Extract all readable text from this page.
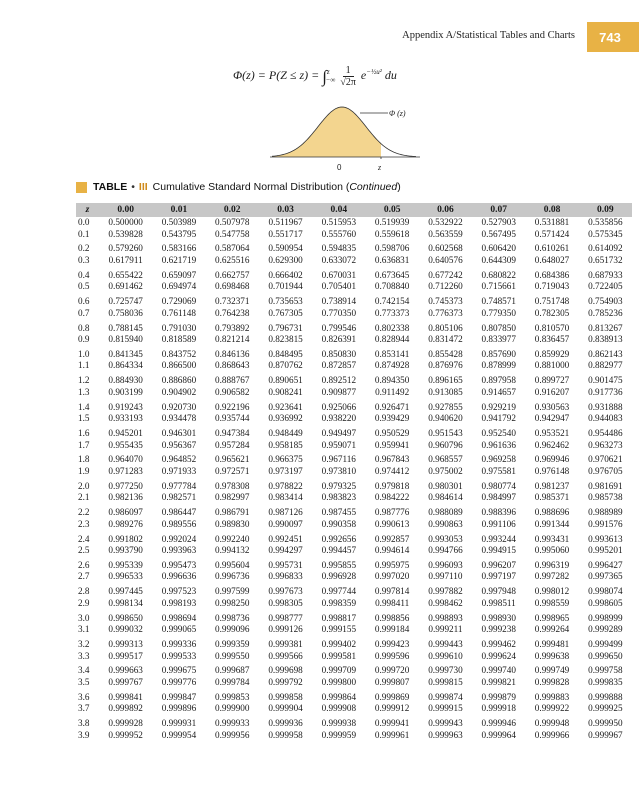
Appendix A/Statistical Tables and Charts	743
$\Phi(z) = P(Z \le z) = \int^z_{-\infty} \frac{1}{√2\pi} e^{-\frac{1}{2}u^2}$ du
Φ (z)
0	z
TABLE • III Cumulative Standard Normal Distribution ( Continued )
z	0.00	0.01	0.02	0.03	0.04	0.05	0.06	0.07	0.08	0.09
0.0	0.500000	0.503989	0.507978	0.511967	0.515953	0.519939	0.532922	0.527903	0.531881	0.535856
0.1	0.539828	0.543795	0.547758	0.551717	0.555760	0.559618	0.563559	0.567495	0.571424	0.575345
0.2	0.579260	0.583166	0.587064	0.590954	0.594835	0.598706	0.602568	0.606420	0.610261	0.614092
0.3	0.617911	0.621719	0.625516	0.629300	0.633072	0.636831	0.640576	0.644309	0.648027	0.651732
0.4	0.655422	0.659097	0.662757	0.666402	0.670031	0.673645	0.677242	0.680822	0.684386	0.687933
0.5	0.691462	0.694974	0.698468	0.701944	0.705401	0.708840	0.712260	0.715661	0.719043	0.722405
0.6	0.725747	0.729069	0.732371	0.735653	0.738914	0.742154	0.745373	0.748571	0.751748	0.754903
0.7	0.758036	0.761148	0.764238	0.767305	0.770350	0.773373	0.776373	0.779350	0.782305	0.785236
0.8	0.788145	0.791030	0.793892	0.796731	0.799546	0.802338	0.805106	0.807850	0.810570	0.813267
0.9	0.815940	0.818589	0.821214	0.823815	0.826391	0.828944	0.831472	0.833977	0.836457	0.838913
1.0	0.841345	0.843752	0.846136	0.848495	0.850830	0.853141	0.855428	0.857690	0.859929	0.862143
1.1	0.864334	0.866500	0.868643	0.870762	0.872857	0.874928	0.876976	0.878999	0.881000	0.882977
1.2	0.884930	0.886860	0.888767	0.890651	0.892512	0.894350	0.896165	0.897958	0.899727	0.901475
1.3	0.903199	0.904902	0.906582	0.908241	0.909877	0.911492	0.913085	0.914657	0.916207	0.917736
1.4	0.919243	0.920730	0.922196	0.923641	0.925066	0.926471	0.927855	0.929219	0.930563	0.931888
1.5	0.933193	0.934478	0.935744	0.936992	0.938220	0.939429	0.940620	0.941792	0.942947	0.944083
1.6	0.945201	0.946301	0.947384	0.948449	0.949497	0.950529	0.951543	0.952540	0.953521	0.954486
1.7	0.955435	0.956367	0.957284	0.958185	0.959071	0.959941	0.960796	0.961636	0.962462	0.963273
1.8	0.964070	0.964852	0.965621	0.966375	0.967116	0.967843	0.968557	0.969258	0.969946	0.970621
1.9	0.971283	0.971933	0.972571	0.973197	0.973810	0.974412	0.975002	0.975581	0.976148	0.976705
2.0	0.977250	0.977784	0.978308	0.978822	0.979325	0.979818	0.980301	0.980774	0.981237	0.981691
2.1	0.982136	0.982571	0.982997	0.983414	0.983823	0.984222	0.984614	0.984997	0.985371	0.985738
2.2	0.986097	0.986447	0.986791	0.987126	0.987455	0.987776	0.988089	0.988396	0.988696	0.988989
2.3	0.989276	0.989556	0.989830	0.990097	0.990358	0.990613	0.990863	0.991106	0.991344	0.991576
2.4	0.991802	0.992024	0.992240	0.992451	0.992656	0.992857	0.993053	0.993244	0.993431	0.993613
2.5	0.993790	0.993963	0.994132	0.994297	0.994457	0.994614	0.994766	0.994915	0.995060	0.995201
2.6	0.995339	0.995473	0.995604	0.995731	0.995855	0.995975	0.996093	0.996207	0.996319	0.996427
2.7	0.996533	0.996636	0.996736	0.996833	0.996928	0.997020	0.997110	0.997197	0.997282	0.997365
2.8	0.997445	0.997523	0.997599	0.997673	0.997744	0.997814	0.997882	0.997948	0.998012	0.998074
2.9	0.998134	0.998193	0.998250	0.998305	0.998359	0.998411	0.998462	0.998511	0.998559	0.998605
3.0	0.998650	0.998694	0.998736	0.998777	0.998817	0.998856	0.998893	0.998930	0.998965	0.998999
3.1	0.999032	0.999065	0.999096	0.999126	0.999155	0.999184	0.999211	0.999238	0.999264	0.999289
3.2	0.999313	0.999336	0.999359	0.999381	0.999402	0.999423	0.999443	0.999462	0.999481	0.999499
3.3	0.999517	0.999533	0.999550	0.999566	0.999581	0.999596	0.999610	0.999624	0.999638	0.999650
3.4	0.999663	0.999675	0.999687	0.999698	0.999709	0.999720	0.999730	0.999740	0.999749	0.999758
3.5	0.999767	0.999776	0.999784	0.999792	0.999800	0.999807	0.999815	0.999821	0.999828	0.999835
3.6	0.999841	0.999847	0.999853	0.999858	0.999864	0.999869	0.999874	0.999879	0.999883	0.999888
3.7	0.999892	0.999896	0.999900	0.999904	0.999908	0.999912	0.999915	0.999918	0.999922	0.999925
3.8	0.999928	0.999931	0.999933	0.999936	0.999938	0.999941	0.999943	0.999946	0.999948	0.999950
3.9	0.999952	0.999954	0.999956	0.999958	0.999959	0.999961	0.999963	0.999964	0.999966	0.999967
